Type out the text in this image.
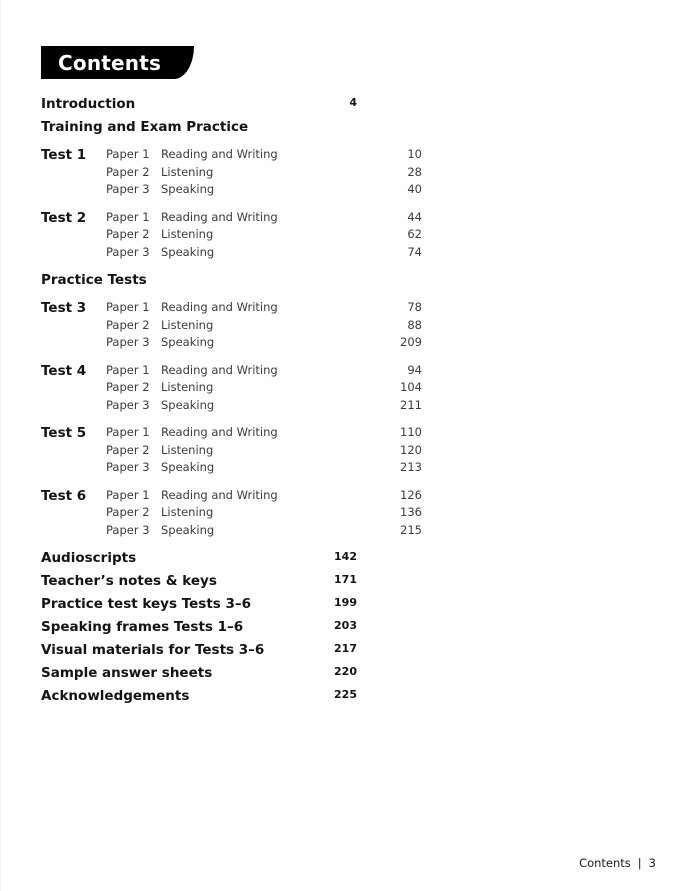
Contents
Introduction	4
Training and Exam Practice
Test 1 Paper 1 Reading and Writing	10
Paper 2 Listening	28
Paper 3 Speaking	40
Test 2 Paper 1 Reading and Writing	44
Paper 2 Listening	62
Paper 3 Speaking	74
Practice Tests
Test 3 Paper 1 Reading and Writing	78
Paper 2 Listening	88
Paper 3 Speaking	209
Test 4 Paper 1 Reading and Writing	94
Paper 2 Listening	104
Paper 3 Speaking	211
Test 5 Paper 1 Reading and Writing	110
Paper 2 Listening	120
Paper 3 Speaking	213
Test 6 Paper 1 Reading and Writing	126
Paper 2 Listening	136
Paper 3 Speaking	215
Audioscripts	142
Teacher’s notes & keys	171
Practice test keys Tests 3–6	199
Speaking frames Tests 1–6	203
Visual materials for Tests 3–6	217
Sample answer sheets	220
Acknowledgements	225
Contents | 3
